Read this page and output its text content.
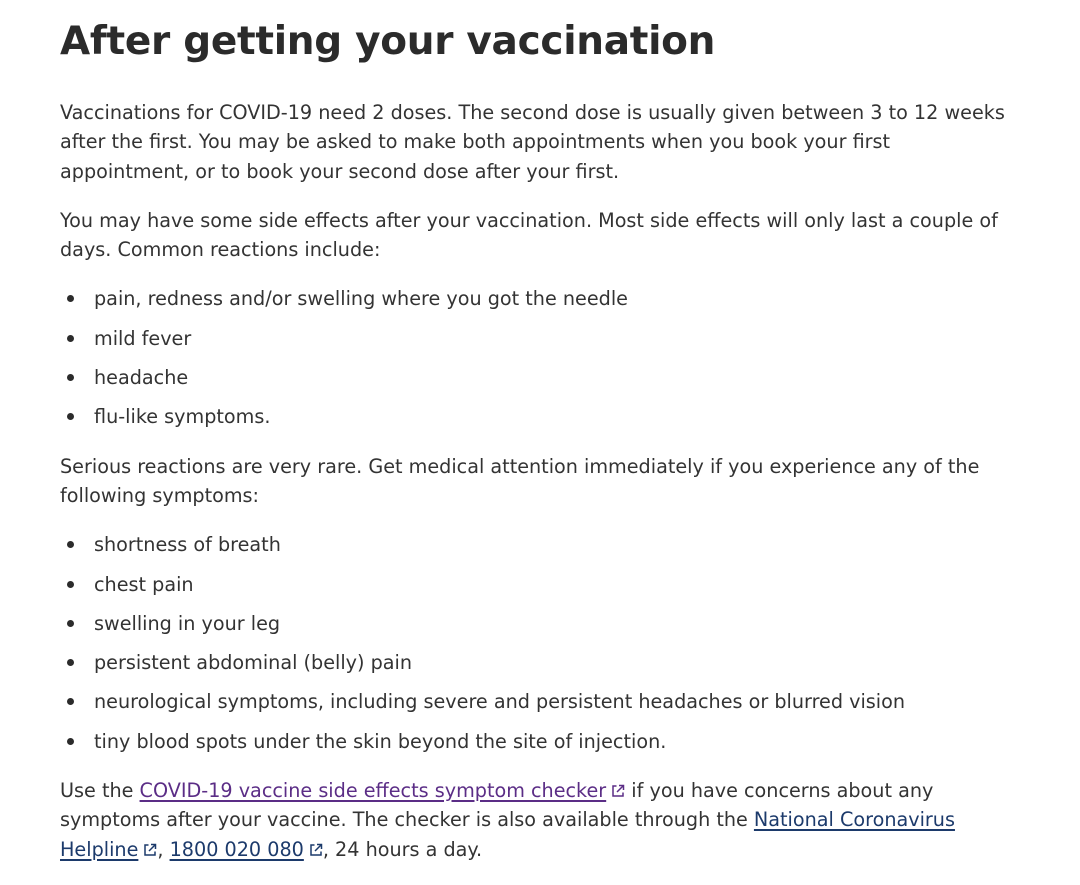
After getting your vaccination

Vaccinations for COVID-19 need 2 doses. The second dose is usually given between 3 to 12 weeks after the first. You may be asked to make both appointments when you book your first appointment, or to book your second dose after your first.

You may have some side effects after your vaccination. Most side effects will only last a couple of days. Common reactions include:

pain, redness and/or swelling where you got the needle
mild fever
headache
flu-like symptoms.

Serious reactions are very rare. Get medical attention immediately if you experience any of the following symptoms:

shortness of breath
chest pain
swelling in your leg
persistent abdominal (belly) pain
neurological symptoms, including severe and persistent headaches or blurred vision
tiny blood spots under the skin beyond the site of injection.

Use the COVID-19 vaccine side effects symptom checker if you have concerns about any symptoms after your vaccine. The checker is also available through the National Coronavirus Helpline , 1800 020 080 , 24 hours a day.
